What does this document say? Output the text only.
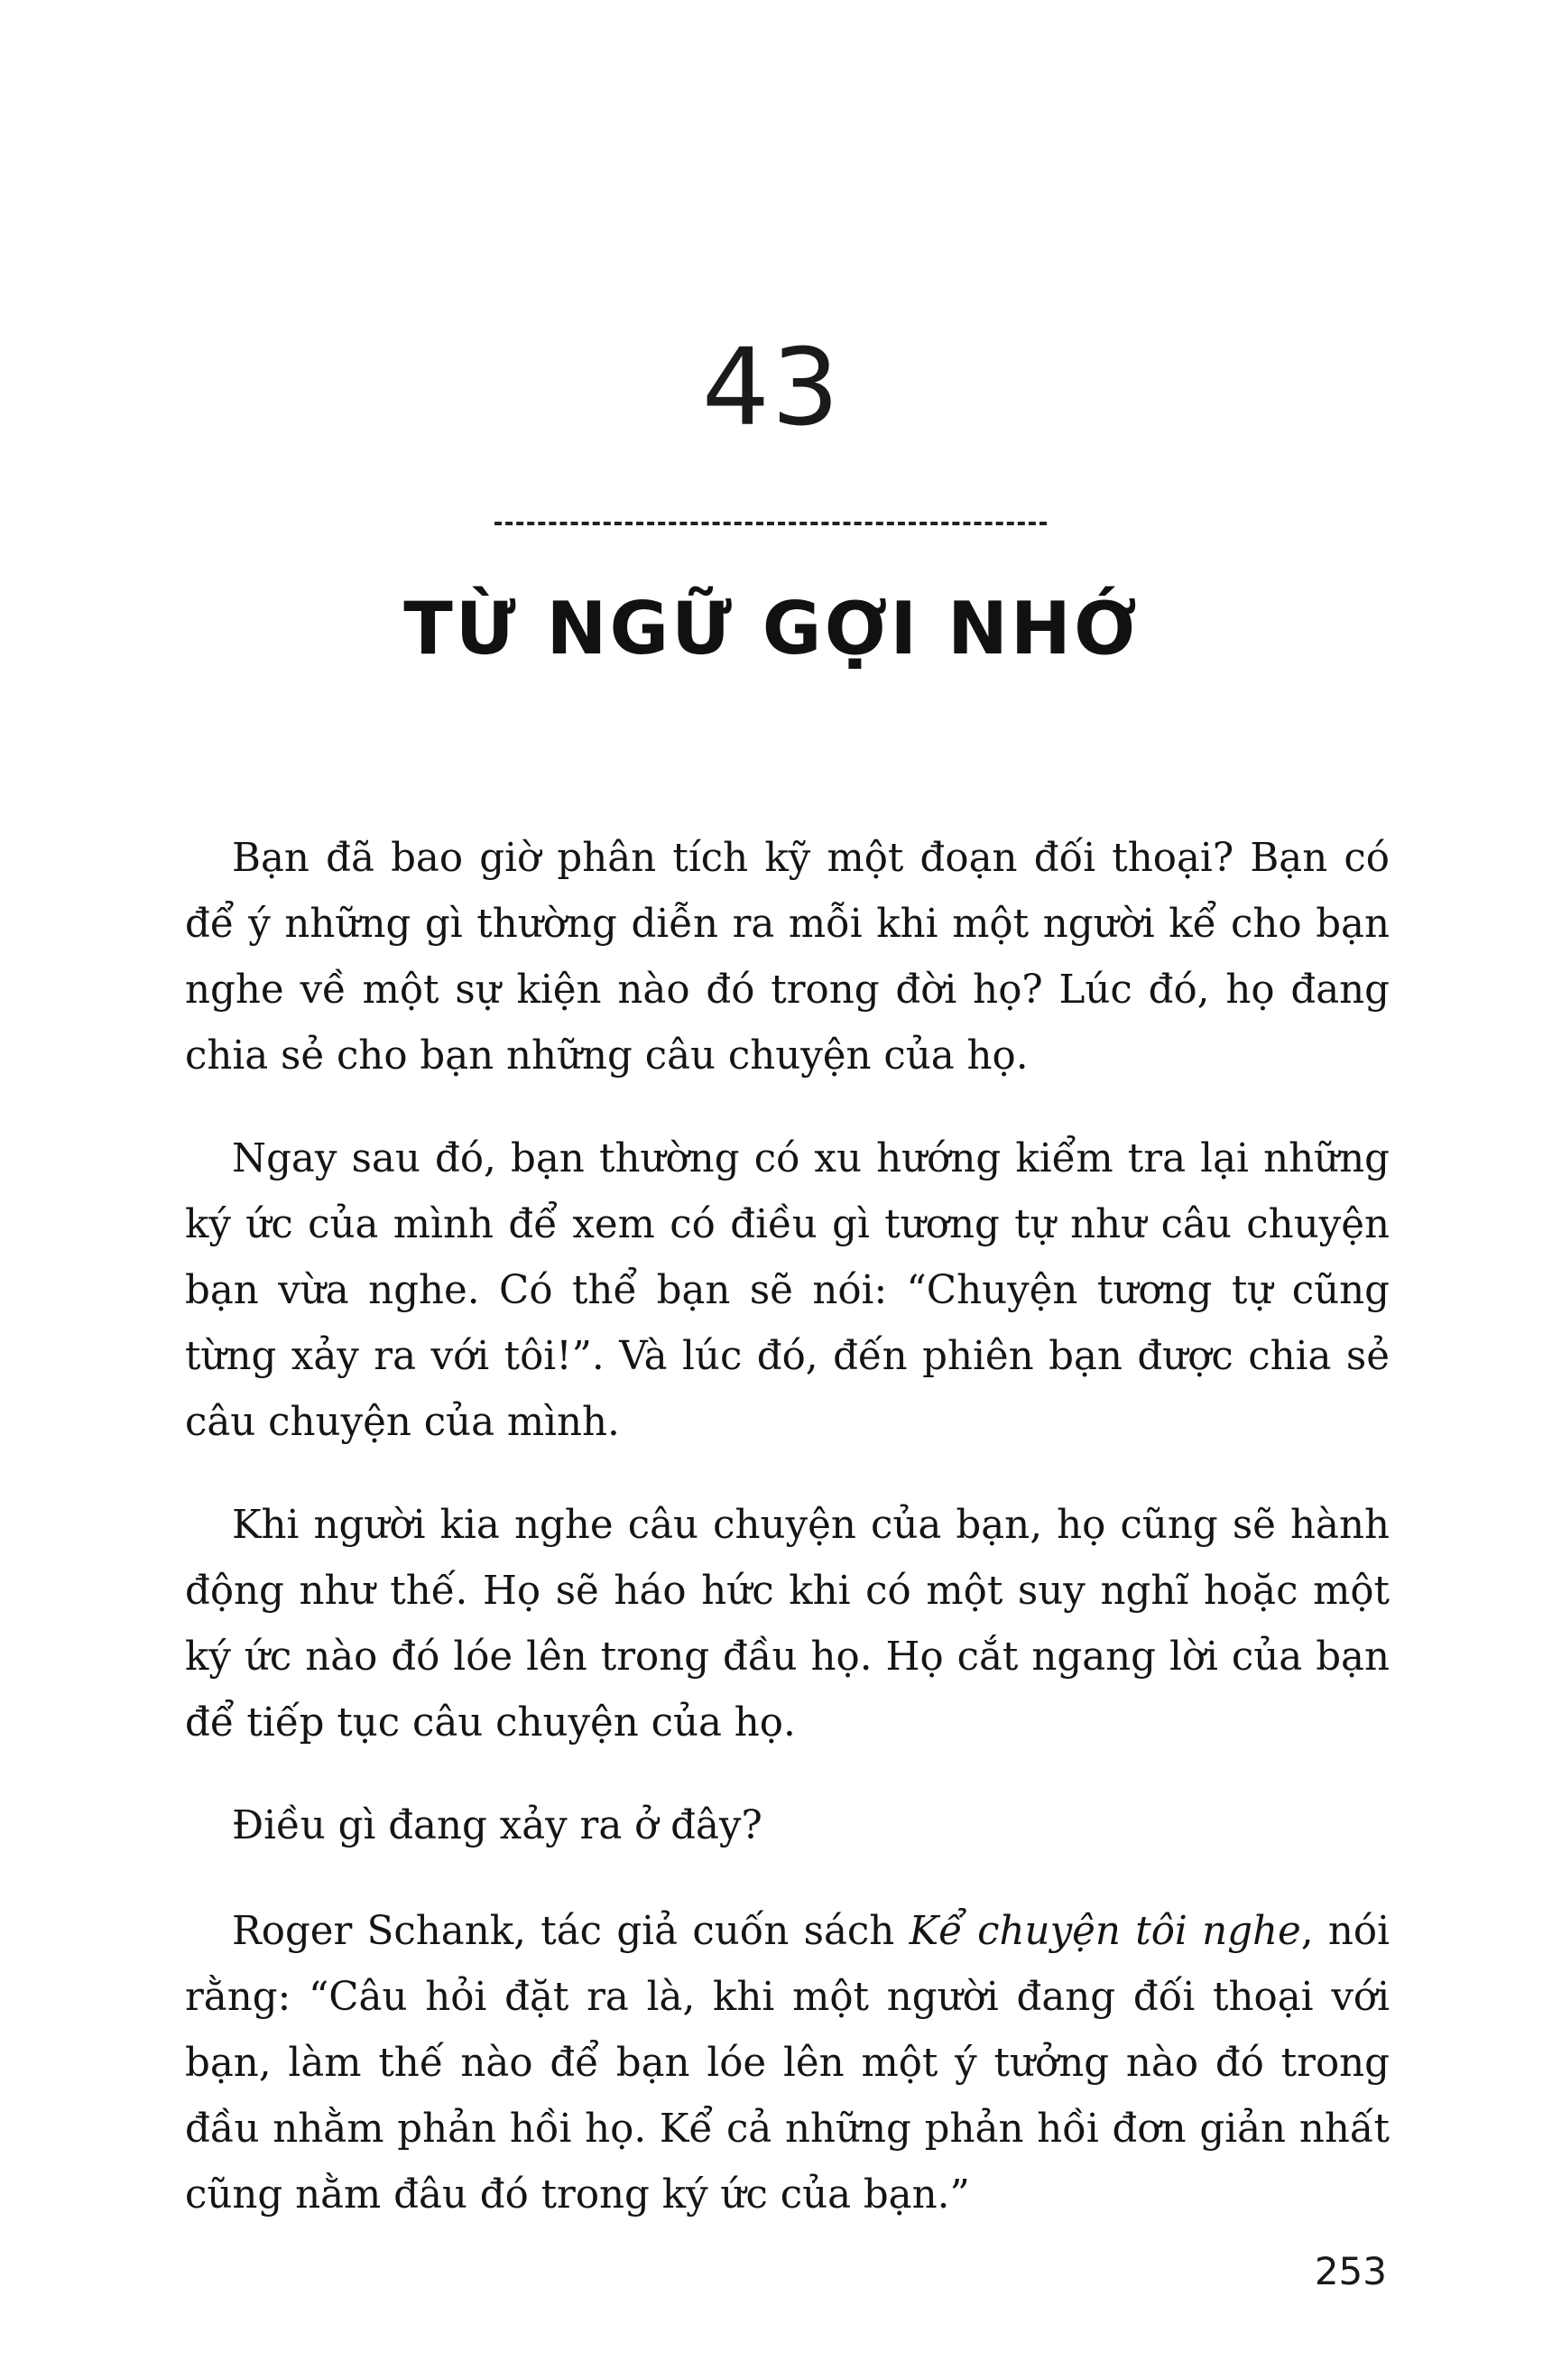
43
TỪ NGỮ GỢI NHỚ

Bạn đã bao giờ phân tích kỹ một đoạn đối thoại? Bạn có để ý những gì thường diễn ra mỗi khi một người kể cho bạn nghe về một sự kiện nào đó trong đời họ? Lúc đó, họ đang chia sẻ cho bạn những câu chuyện của họ.

Ngay sau đó, bạn thường có xu hướng kiểm tra lại những ký ức của mình để xem có điều gì tương tự như câu chuyện bạn vừa nghe. Có thể bạn sẽ nói: “Chuyện tương tự cũng từng xảy ra với tôi!”. Và lúc đó, đến phiên bạn được chia sẻ câu chuyện của mình.

Khi người kia nghe câu chuyện của bạn, họ cũng sẽ hành động như thế. Họ sẽ háo hức khi có một suy nghĩ hoặc một ký ức nào đó lóe lên trong đầu họ. Họ cắt ngang lời của bạn để tiếp tục câu chuyện của họ.

Điều gì đang xảy ra ở đây?

Roger Schank, tác giả cuốn sách Kể chuyện tôi nghe, nói rằng: “Câu hỏi đặt ra là, khi một người đang đối thoại với bạn, làm thế nào để bạn lóe lên một ý tưởng nào đó trong đầu nhằm phản hồi họ. Kể cả những phản hồi đơn giản nhất cũng nằm đâu đó trong ký ức của bạn.”

253
